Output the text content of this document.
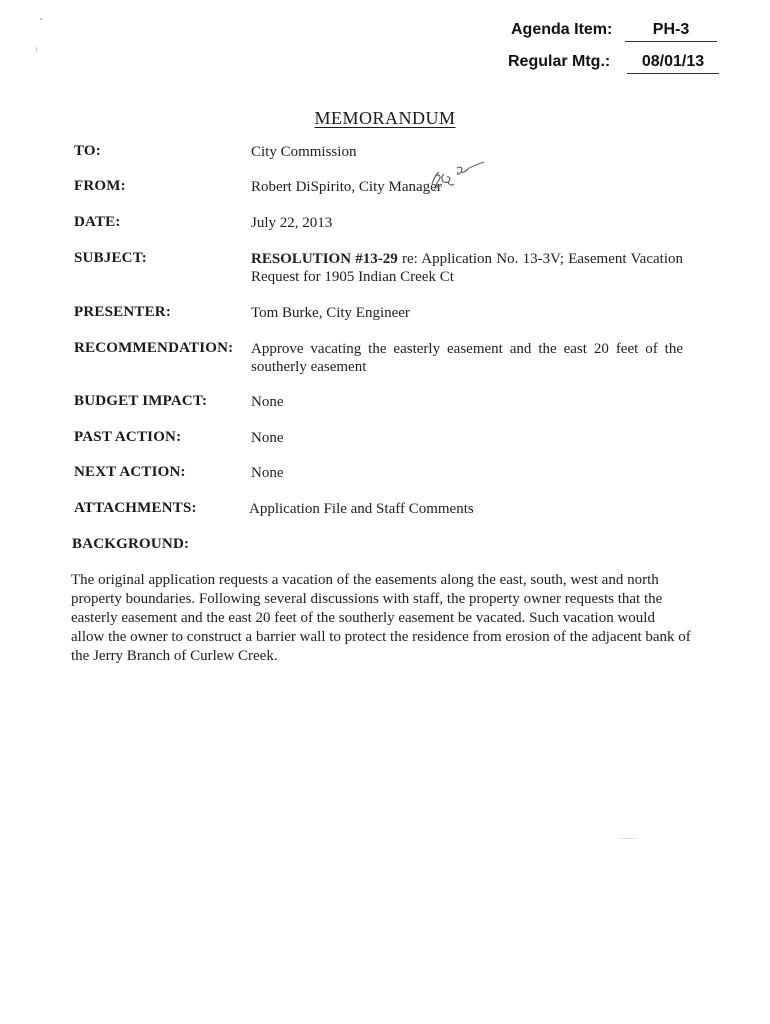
Agenda Item:	PH-3
Regular Mtg.:	08/01/13
MEMORANDUM
TO:	City Commission
FROM:	Robert DiSpirito, City Manager
DATE:	July 22, 2013
SUBJECT:	RESOLUTION #13-29 re: Application No. 13-3V; Easement Vacation Request for 1905 Indian Creek Ct
PRESENTER:	Tom Burke, City Engineer
RECOMMENDATION: Approve vacating the easterly easement and the east 20 feet of the southerly easement
BUDGET IMPACT:	None
PAST ACTION:	None
NEXT ACTION:	None
ATTACHMENTS:	Application File and Staff Comments
BACKGROUND:
The original application requests a vacation of the easements along the east, south, west and north
property boundaries. Following several discussions with staff, the property owner requests that the
easterly easement and the east 20 feet of the southerly easement be vacated. Such vacation would
allow the owner to construct a barrier wall to protect the residence from erosion of the adjacent bank of
the Jerry Branch of Curlew Creek.
